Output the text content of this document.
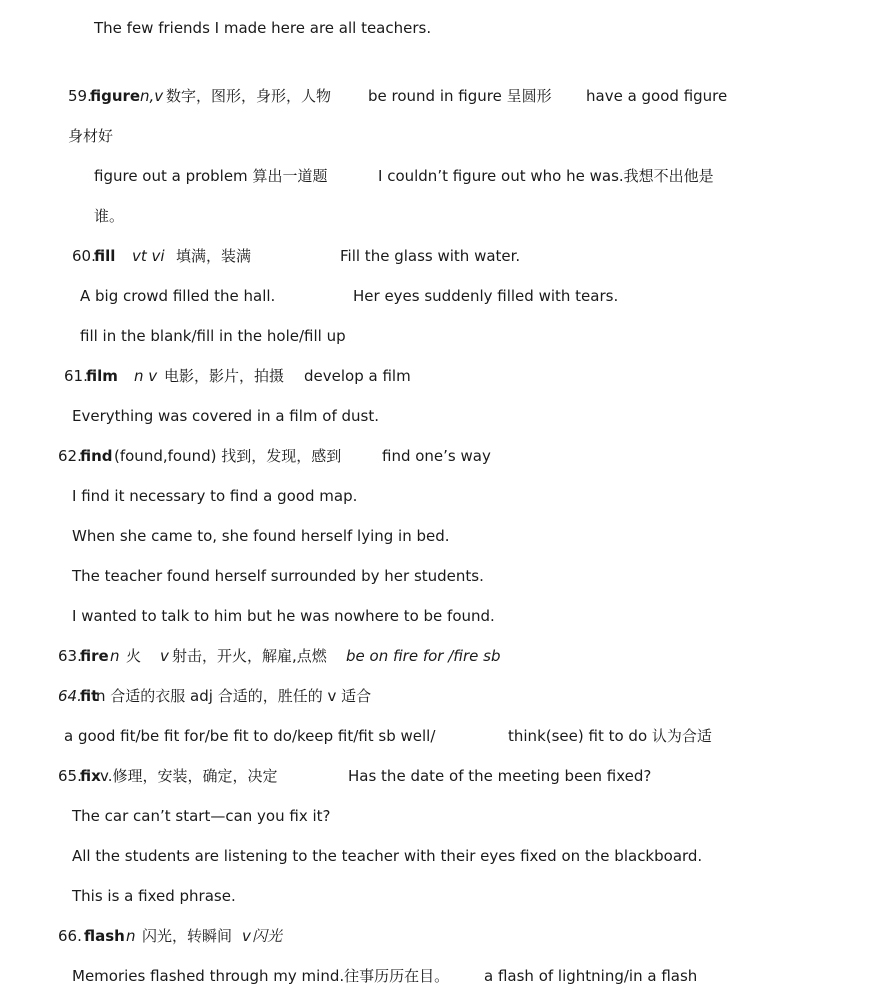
The few friends I made here are all teachers.
59.
figure n,v 数字，图形，身形，人物 be round in figure 呈圆形 have a good figure
身材好
figure out a problem 算出一道题	I couldn’t figure out who he was.我想不出他是
谁。
60.
fill vt vi 填满，装满	Fill the glass with water.
A big crowd filled the hall.	Her eyes suddenly filled with tears.
fill in the blank/fill in the hole/fill up
61.
film n v 电影，影片，拍摄 develop a film
Everything was covered in a film of dust.
62.
find (found,found) 找到，发现，感到	find one’s way
I find it necessary to find a good map.
When she came to, she found herself lying in bed.
The teacher found herself surrounded by her students.
I wanted to talk to him but he was nowhere to be found.
63.
fire n 火 v 射击，开火，解雇,点燃 be on fire for /fire sb
64.
fit
n 合适的衣服 adj 合适的，胜任的 v 适合
a good fit/be fit for/be fit to do/keep fit/fit sb well/	think(see) fit to do 认为合适
65.
fix v.修理，安装，确定，决定	Has the date of the meeting been fixed?
The car can’t start—can you fix it?
All the students are listening to the teacher with their eyes fixed on the blackboard.
This is a fixed phrase.
66. flash n 闪光，转瞬间 v 闪光
Memories flashed through my mind.往事历历在目。 a flash of lightning/in a flash
